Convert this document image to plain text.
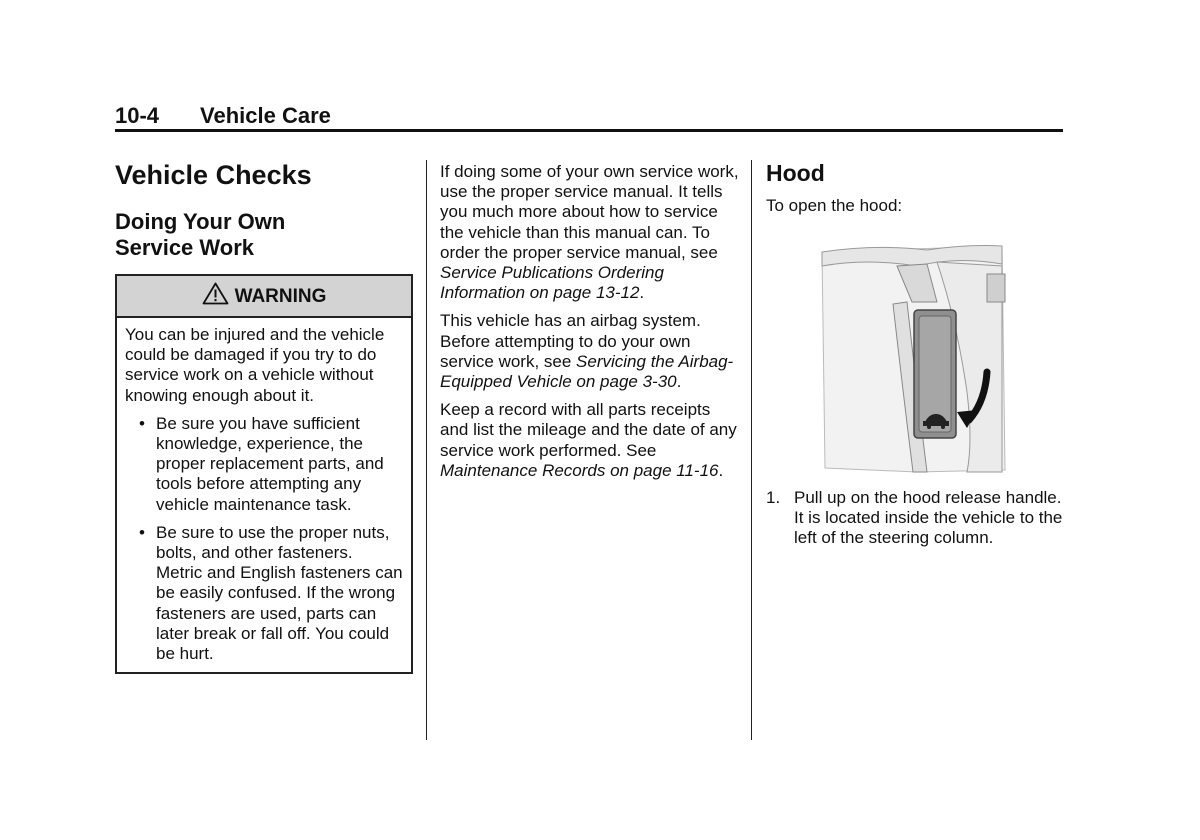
10-4 Vehicle Care
Vehicle Checks
Doing Your Own
Service Work
WARNING

You can be injured and the vehicle could be damaged if you try to do service work on a vehicle without knowing enough about it.

• Be sure you have sufficient knowledge, experience, the proper replacement parts, and tools before attempting any vehicle maintenance task.
• Be sure to use the proper nuts, bolts, and other fasteners. Metric and English fasteners can be easily confused. If the wrong fasteners are used, parts can later break or fall off. You could be hurt.

If doing some of your own service work, use the proper service manual. It tells you much more about how to service the vehicle than this manual can. To order the proper service manual, see Service Publications Ordering Information on page 13-12.

This vehicle has an airbag system. Before attempting to do your own service work, see Servicing the Airbag-Equipped Vehicle on page 3-30.

Keep a record with all parts receipts and list the mileage and the date of any service work performed. See Maintenance Records on page 11-16.

Hood

To open the hood:

1. Pull up on the hood release handle. It is located inside the vehicle to the left of the steering column.
